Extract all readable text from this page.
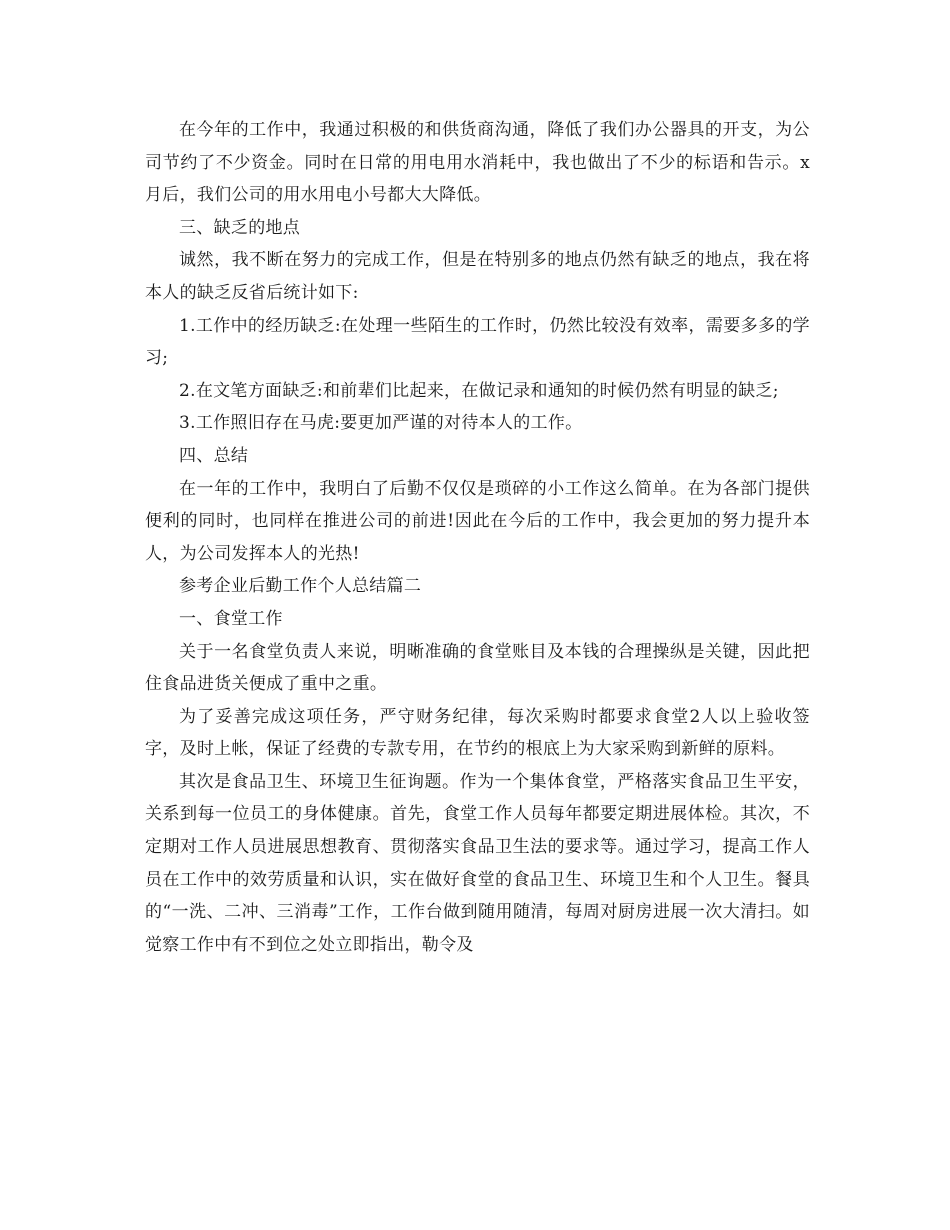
在今年的工作中，我通过积极的和供货商沟通，降低了我们办公器具的开支，为公司节约了不少资金。同时在日常的用电用水消耗中，我也做出了不少的标语和告示。x月后，我们公司的用水用电小号都大大降低。

三、缺乏的地点

诚然，我不断在努力的完成工作，但是在特别多的地点仍然有缺乏的地点，我在将本人的缺乏反省后统计如下:

1.工作中的经历缺乏:在处理一些陌生的工作时，仍然比较没有效率，需要多多的学习;

2.在文笔方面缺乏:和前辈们比起来，在做记录和通知的时候仍然有明显的缺乏;

3.工作照旧存在马虎:要更加严谨的对待本人的工作。

四、总结

在一年的工作中，我明白了后勤不仅仅是琐碎的小工作这么简单。在为各部门提供便利的同时，也同样在推进公司的前进!因此在今后的工作中，我会更加的努力提升本人，为公司发挥本人的光热!

参考企业后勤工作个人总结篇二

一、食堂工作

关于一名食堂负责人来说，明晰准确的食堂账目及本钱的合理操纵是关键，因此把住食品进货关便成了重中之重。

为了妥善完成这项任务，严守财务纪律，每次采购时都要求食堂2人以上验收签字，及时上帐，保证了经费的专款专用，在节约的根底上为大家采购到新鲜的原料。

其次是食品卫生、环境卫生征询题。作为一个集体食堂，严格落实食品卫生平安，关系到每一位员工的身体健康。首先，食堂工作人员每年都要定期进展体检。其次，不定期对工作人员进展思想教育、贯彻落实食品卫生法的要求等。通过学习，提高工作人员在工作中的效劳质量和认识，实在做好食堂的食品卫生、环境卫生和个人卫生。餐具的“一洗、二冲、三消毒”工作，工作台做到随用随清，每周对厨房进展一次大清扫。如觉察工作中有不到位之处立即指出，勒令及
